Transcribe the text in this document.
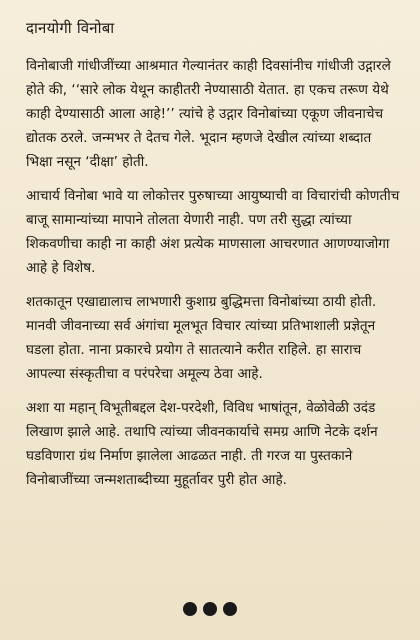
दानयोगी विनोबा

विनोबाजी गांधीजींच्या आश्रमात गेल्यानंतर काही दिवसांनीच गांधीजी उद्गारले होते की, ‘‘सारे लोक येथून काहीतरी नेण्यासाठी येतात. हा एकच तरूण येथे काही देण्यासाठी आला आहे!’’ त्यांचे हे उद्गार विनोबांच्या एकूण जीवनाचेच द्योतक ठरले. जन्मभर ते देतच गेले. भूदान म्हणजे देखील त्यांच्या शब्दात भिक्षा नसून ‘दीक्षा’ होती.

आचार्य विनोबा भावे या लोकोत्तर पुरुषाच्या आयुष्याची वा विचारांची कोणतीच बाजू सामान्यांच्या मापाने तोलता येणारी नाही. पण तरी सुद्धा त्यांच्या शिकवणीचा काही ना काही अंश प्रत्येक माणसाला आचरणात आणण्याजोगा आहे हे विशेष.

शतकातून एखाद्यालाच लाभणारी कुशाग्र बुद्धिमत्ता विनोबांच्या ठायी होती. मानवी जीवनाच्या सर्व अंगांचा मूलभूत विचार त्यांच्या प्रतिभाशाली प्रज्ञेतून घडला होता. नाना प्रकारचे प्रयोग ते सातत्याने करीत राहिले. हा साराच आपल्या संस्कृतीचा व परंपरेचा अमूल्य ठेवा आहे.

अशा या महान् विभूतीबद्दल देश-परदेशी, विविध भाषांतून, वेळोवेळी उदंड लिखाण झाले आहे. तथापि त्यांच्या जीवनकार्याचे समग्र आणि नेटके दर्शन घडविणारा ग्रंथ निर्माण झालेला आढळत नाही. ती गरज या पुस्तकाने विनोबाजींच्या जन्मशताब्दीच्या मुहूर्तावर पुरी होत आहे.
